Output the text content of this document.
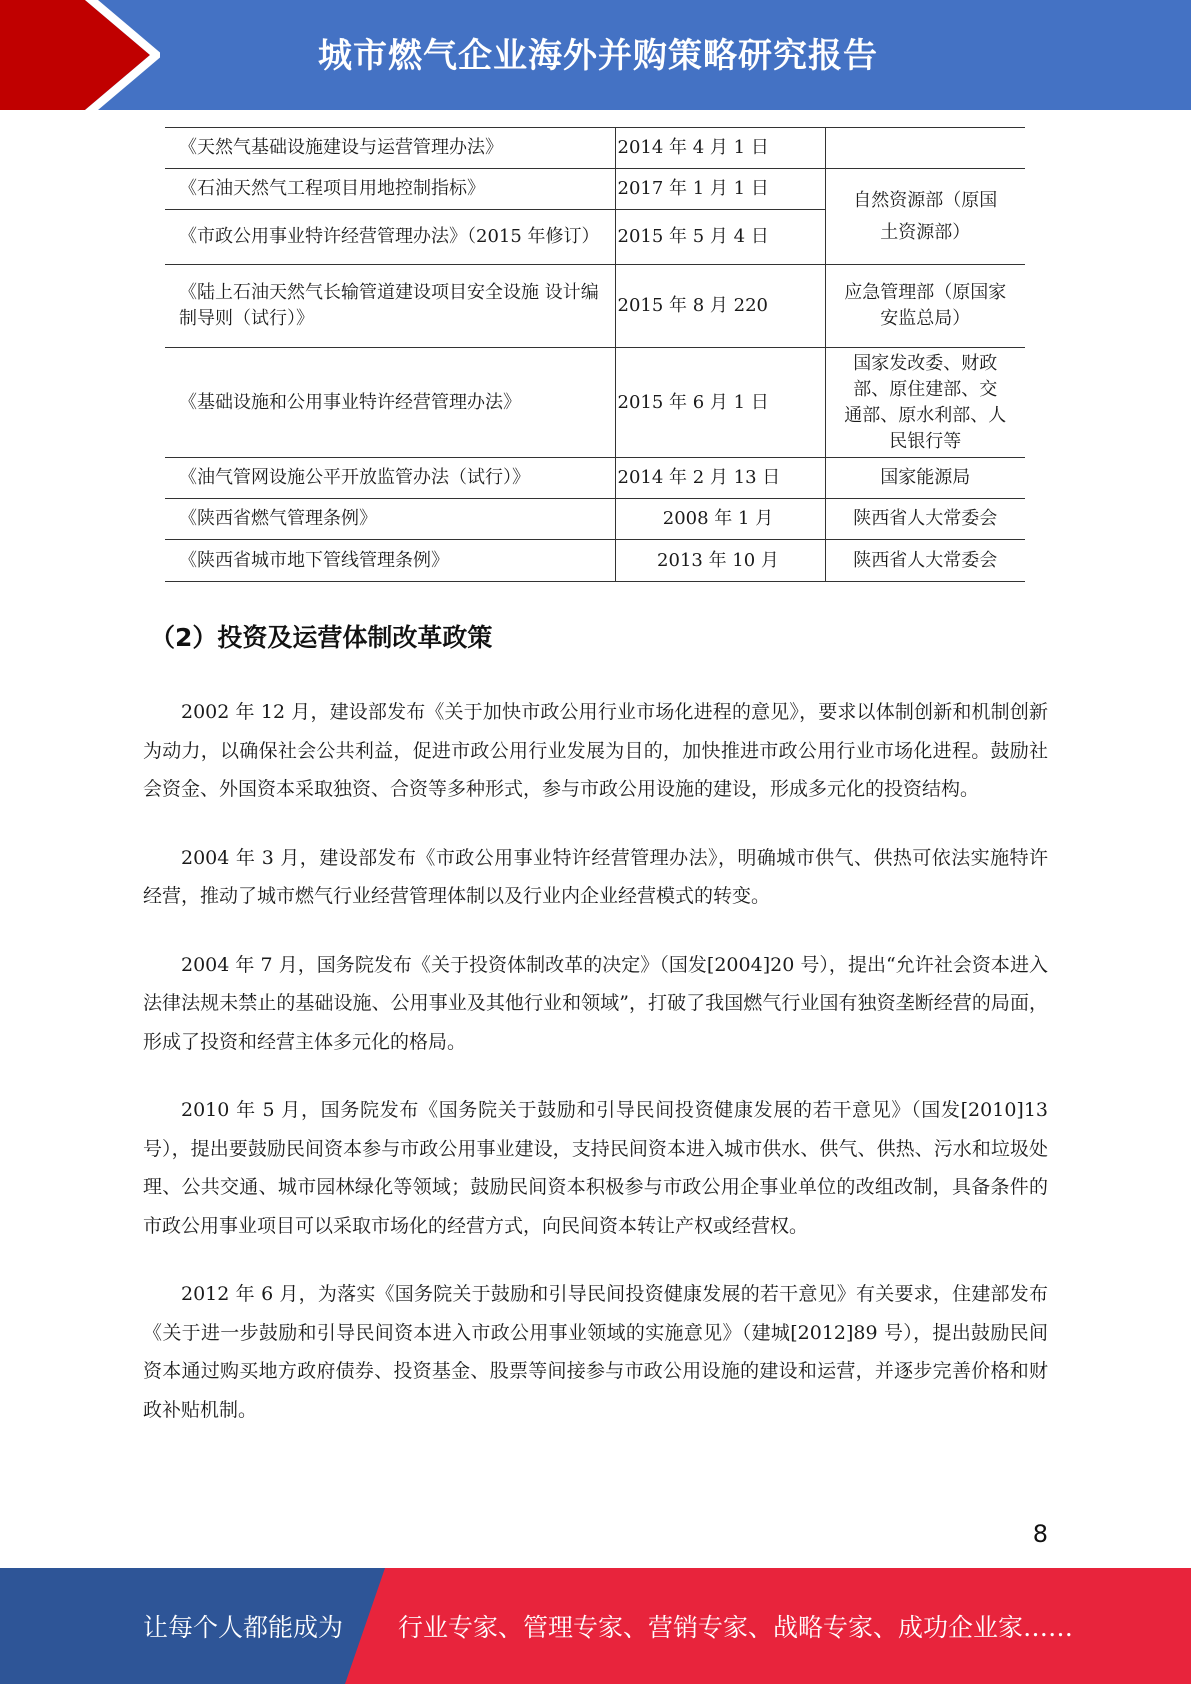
城市燃气企业海外并购策略研究报告
《天然气基础设施建设与运营管理办法》	2014 年 4 月 1 日	
《石油天然气工程项目用地控制指标》	2017 年 1 月 1 日	自然资源部（原国土资源部）
《市政公用事业特许经营管理办法》（2015 年修订）	2015 年 5 月 4 日	
《陆上石油天然气长输管道建设项目安全设施 设计编制导则（试行）》	2015 年 8 月 220	应急管理部（原国家 安监总局）
《基础设施和公用事业特许经营管理办法》	2015 年 6 月 1 日	国家发改委、财政部、原住建部、交 通部、原水利部、人民银行等
《油气管网设施公平开放监管办法（试行）》	2014 年 2 月 13 日	国家能源局
《陕西省燃气管理条例》	2008 年 1 月	陕西省人大常委会
《陕西省城市地下管线管理条例》	2013 年 10 月	陕西省人大常委会
（2）投资及运营体制改革政策

2002 年 12 月，建设部发布《关于加快市政公用行业市场化进程的意见》，要求以体制创新和机制创新为动力，以确保社会公共利益，促进市政公用行业发展为目的，加快推进市政公用行业市场化进程。鼓励社会资金、外国资本采取独资、合资等多种形式，参与市政公用设施的建设，形成多元化的投资结构。

2004 年 3 月，建设部发布《市政公用事业特许经营管理办法》，明确城市供气、供热可依法实施特许经营，推动了城市燃气行业经营管理体制以及行业内企业经营模式的转变。

2004 年 7 月，国务院发布《关于投资体制改革的决定》（国发[2004]20 号），提出“允许社会资本进入法律法规未禁止的基础设施、公用事业及其他行业和领域”，打破了我国燃气行业国有独资垄断经营的局面，形成了投资和经营主体多元化的格局。

2010 年 5 月，国务院发布《国务院关于鼓励和引导民间投资健康发展的若干意见》（国发[2010]13 号），提出要鼓励民间资本参与市政公用事业建设，支持民间资本进入城市供水、供气、供热、污水和垃圾处理、公共交通、城市园林绿化等领域；鼓励民间资本积极参与市政公用企事业单位的改组改制，具备条件的市政公用事业项目可以采取市场化的经营方式，向民间资本转让产权或经营权。

2012 年 6 月，为落实《国务院关于鼓励和引导民间投资健康发展的若干意见》有关要求，住建部发布《关于进一步鼓励和引导民间资本进入市政公用事业领域的实施意见》（建城[2012]89 号），提出鼓励民间资本通过购买地方政府债券、投资基金、股票等间接参与市政公用设施的建设和运营，并逐步完善价格和财政补贴机制。

8
让每个人都能成为 行业专家、管理专家、营销专家、战略专家、成功企业家……
